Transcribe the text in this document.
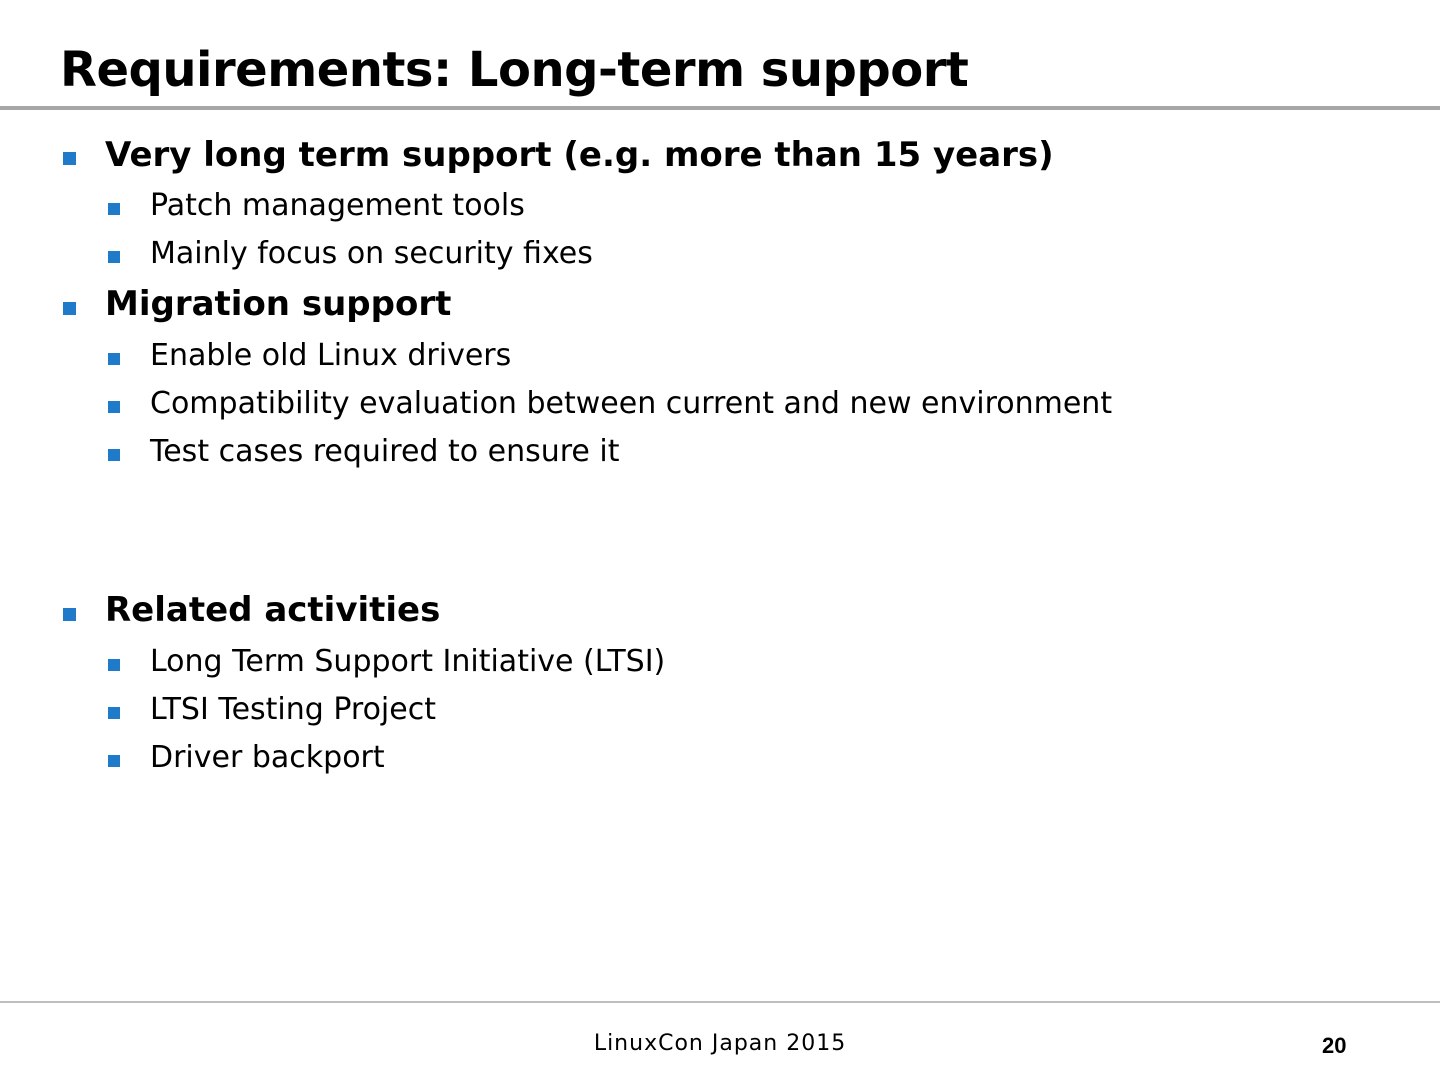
Requirements: Long-term support
Very long term support (e.g. more than 15 years)
Patch management tools
Mainly focus on security fixes
Migration support
Enable old Linux drivers
Compatibility evaluation between current and new environment
Test cases required to ensure it
Related activities
Long Term Support Initiative (LTSI)
LTSI Testing Project
Driver backport
LinuxCon Japan 2015	20
